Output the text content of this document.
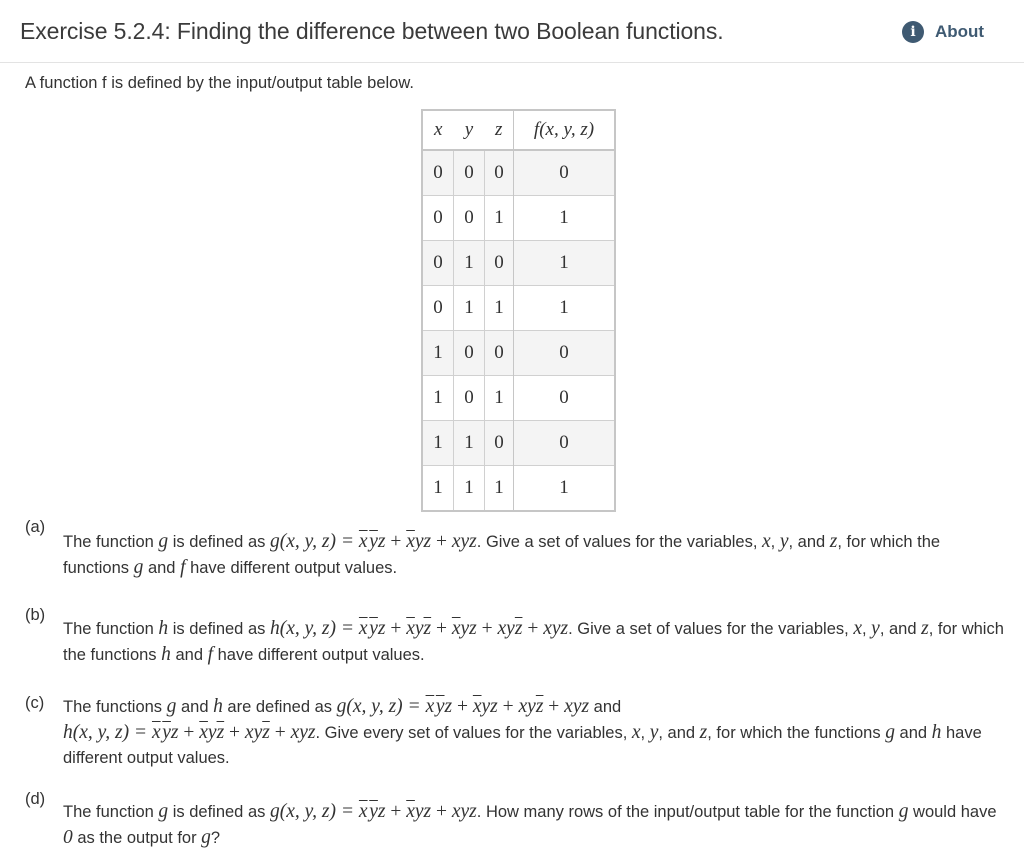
Exercise 5.2.4: Finding the difference between two Boolean functions.	i	About
A function f is defined by the input/output table below.
x	y	z	f(x, y, z)
0	0	0	0
0	0	1	1
0	1	0	1
0	1	1	1
1	0	0	0
1	0	1	0
1	1	0	0
1	1	1	1
(a)
The function g is defined as g(x, y, $z) = \overline{x}$ $\overline{y}z + \overline{x}yz$ + xyz. Give a set of values for the variables, x, y, and z, for which the functions g and f have different output values.
(b)
The function h is defined as h(x, y, $z) = \overline{x}$ $\overline{y}z + \overline{x}y\overline{z} + \overline{x}yz + xy\overline{z}$ + xyz. Give a set of values for the variables, x, y, and z, for which the functions h and f have different output values.
(c) The functions g and h are defined as g(x, y, $z) = \overline{x}$ $\overline{y}z + \overline{x}yz + xy\overline{z}$ + xyz and
h(x, y, $z) = \overline{x}$ $\overline{y}z + \overline{x}y\overline{z} + xy\overline{z}$ + xyz. Give every set of values for the variables, x, y, and z, for which the functions g and h have different output values.
(d)
The function g is defined as g(x, y, $z) = \overline{x}$ $\overline{y}z + \overline{x}yz$ + xyz. How many rows of the input/output table for the function g would have 0 as the output for g?
